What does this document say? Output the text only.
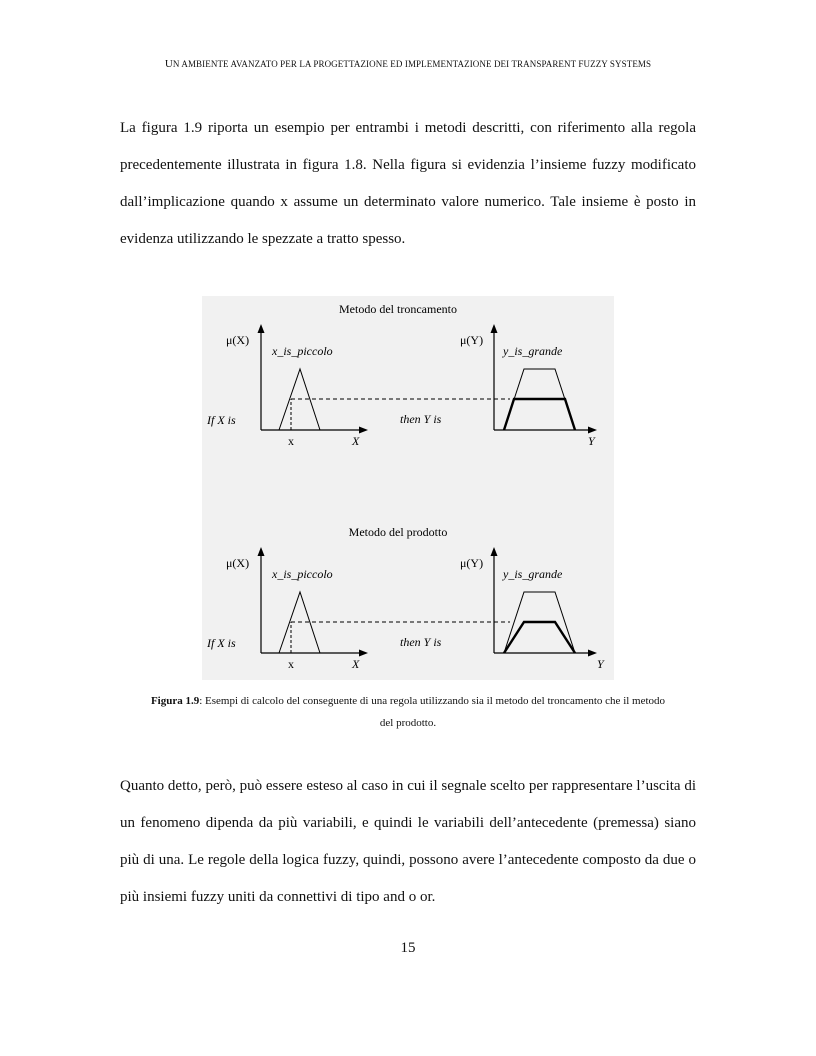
UN AMBIENTE AVANZATO PER LA PROGETTAZIONE ED IMPLEMENTAZIONE DEI TRANSPARENT FUZZY SYSTEMS

La figura 1.9 riporta un esempio per entrambi i metodi descritti, con riferimento alla regola precedentemente illustrata in figura 1.8. Nella figura si evidenzia l’insieme fuzzy modificato dall’implicazione quando x assume un determinato valore numerico. Tale insieme è posto in evidenza utilizzando le spezzate a tratto spesso.

Metodo del troncamento
μ(X)	μ(Y)
x_is_piccolo	y_is_grande
If X is	then Y is
x	X	Y
Metodo del prodotto
μ(X)	μ(Y)
x_is_piccolo	y_is_grande
If X is	then Y is
x	X	Y

Figura 1.9: Esempi di calcolo del conseguente di una regola utilizzando sia il metodo del troncamento che il metodo del prodotto.

Quanto detto, però, può essere esteso al caso in cui il segnale scelto per rappresentare l’uscita di un fenomeno dipenda da più variabili, e quindi le variabili dell’antecedente (premessa) siano più di una. Le regole della logica fuzzy, quindi, possono avere l’antecedente composto da due o più insiemi fuzzy uniti da connettivi di tipo and o or.

15
